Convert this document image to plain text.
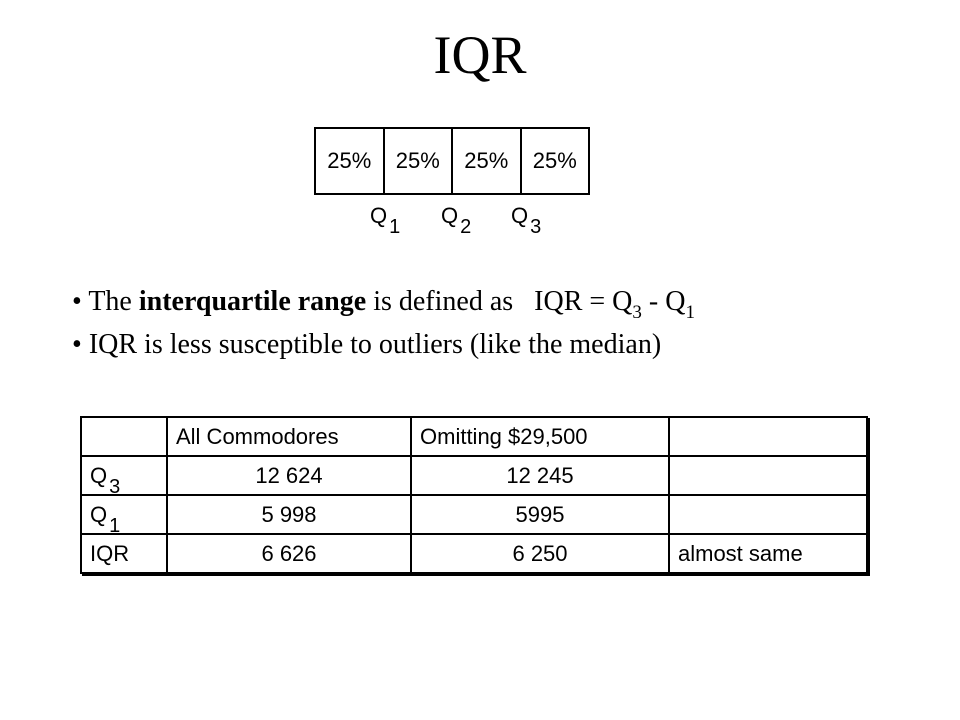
IQR
25%	25%	25%	25%
Q 1 Q 2 Q 3
• The interquartile range is defined as   IQR = $Q_3 - Q_1$
• IQR is less susceptible to outliers (like the median)
	All Commodores	Omitting $29,500	
Q 3	12 624	12 245	
Q 1	5 998	5995	
IQR	6 626	6 250	almost same
